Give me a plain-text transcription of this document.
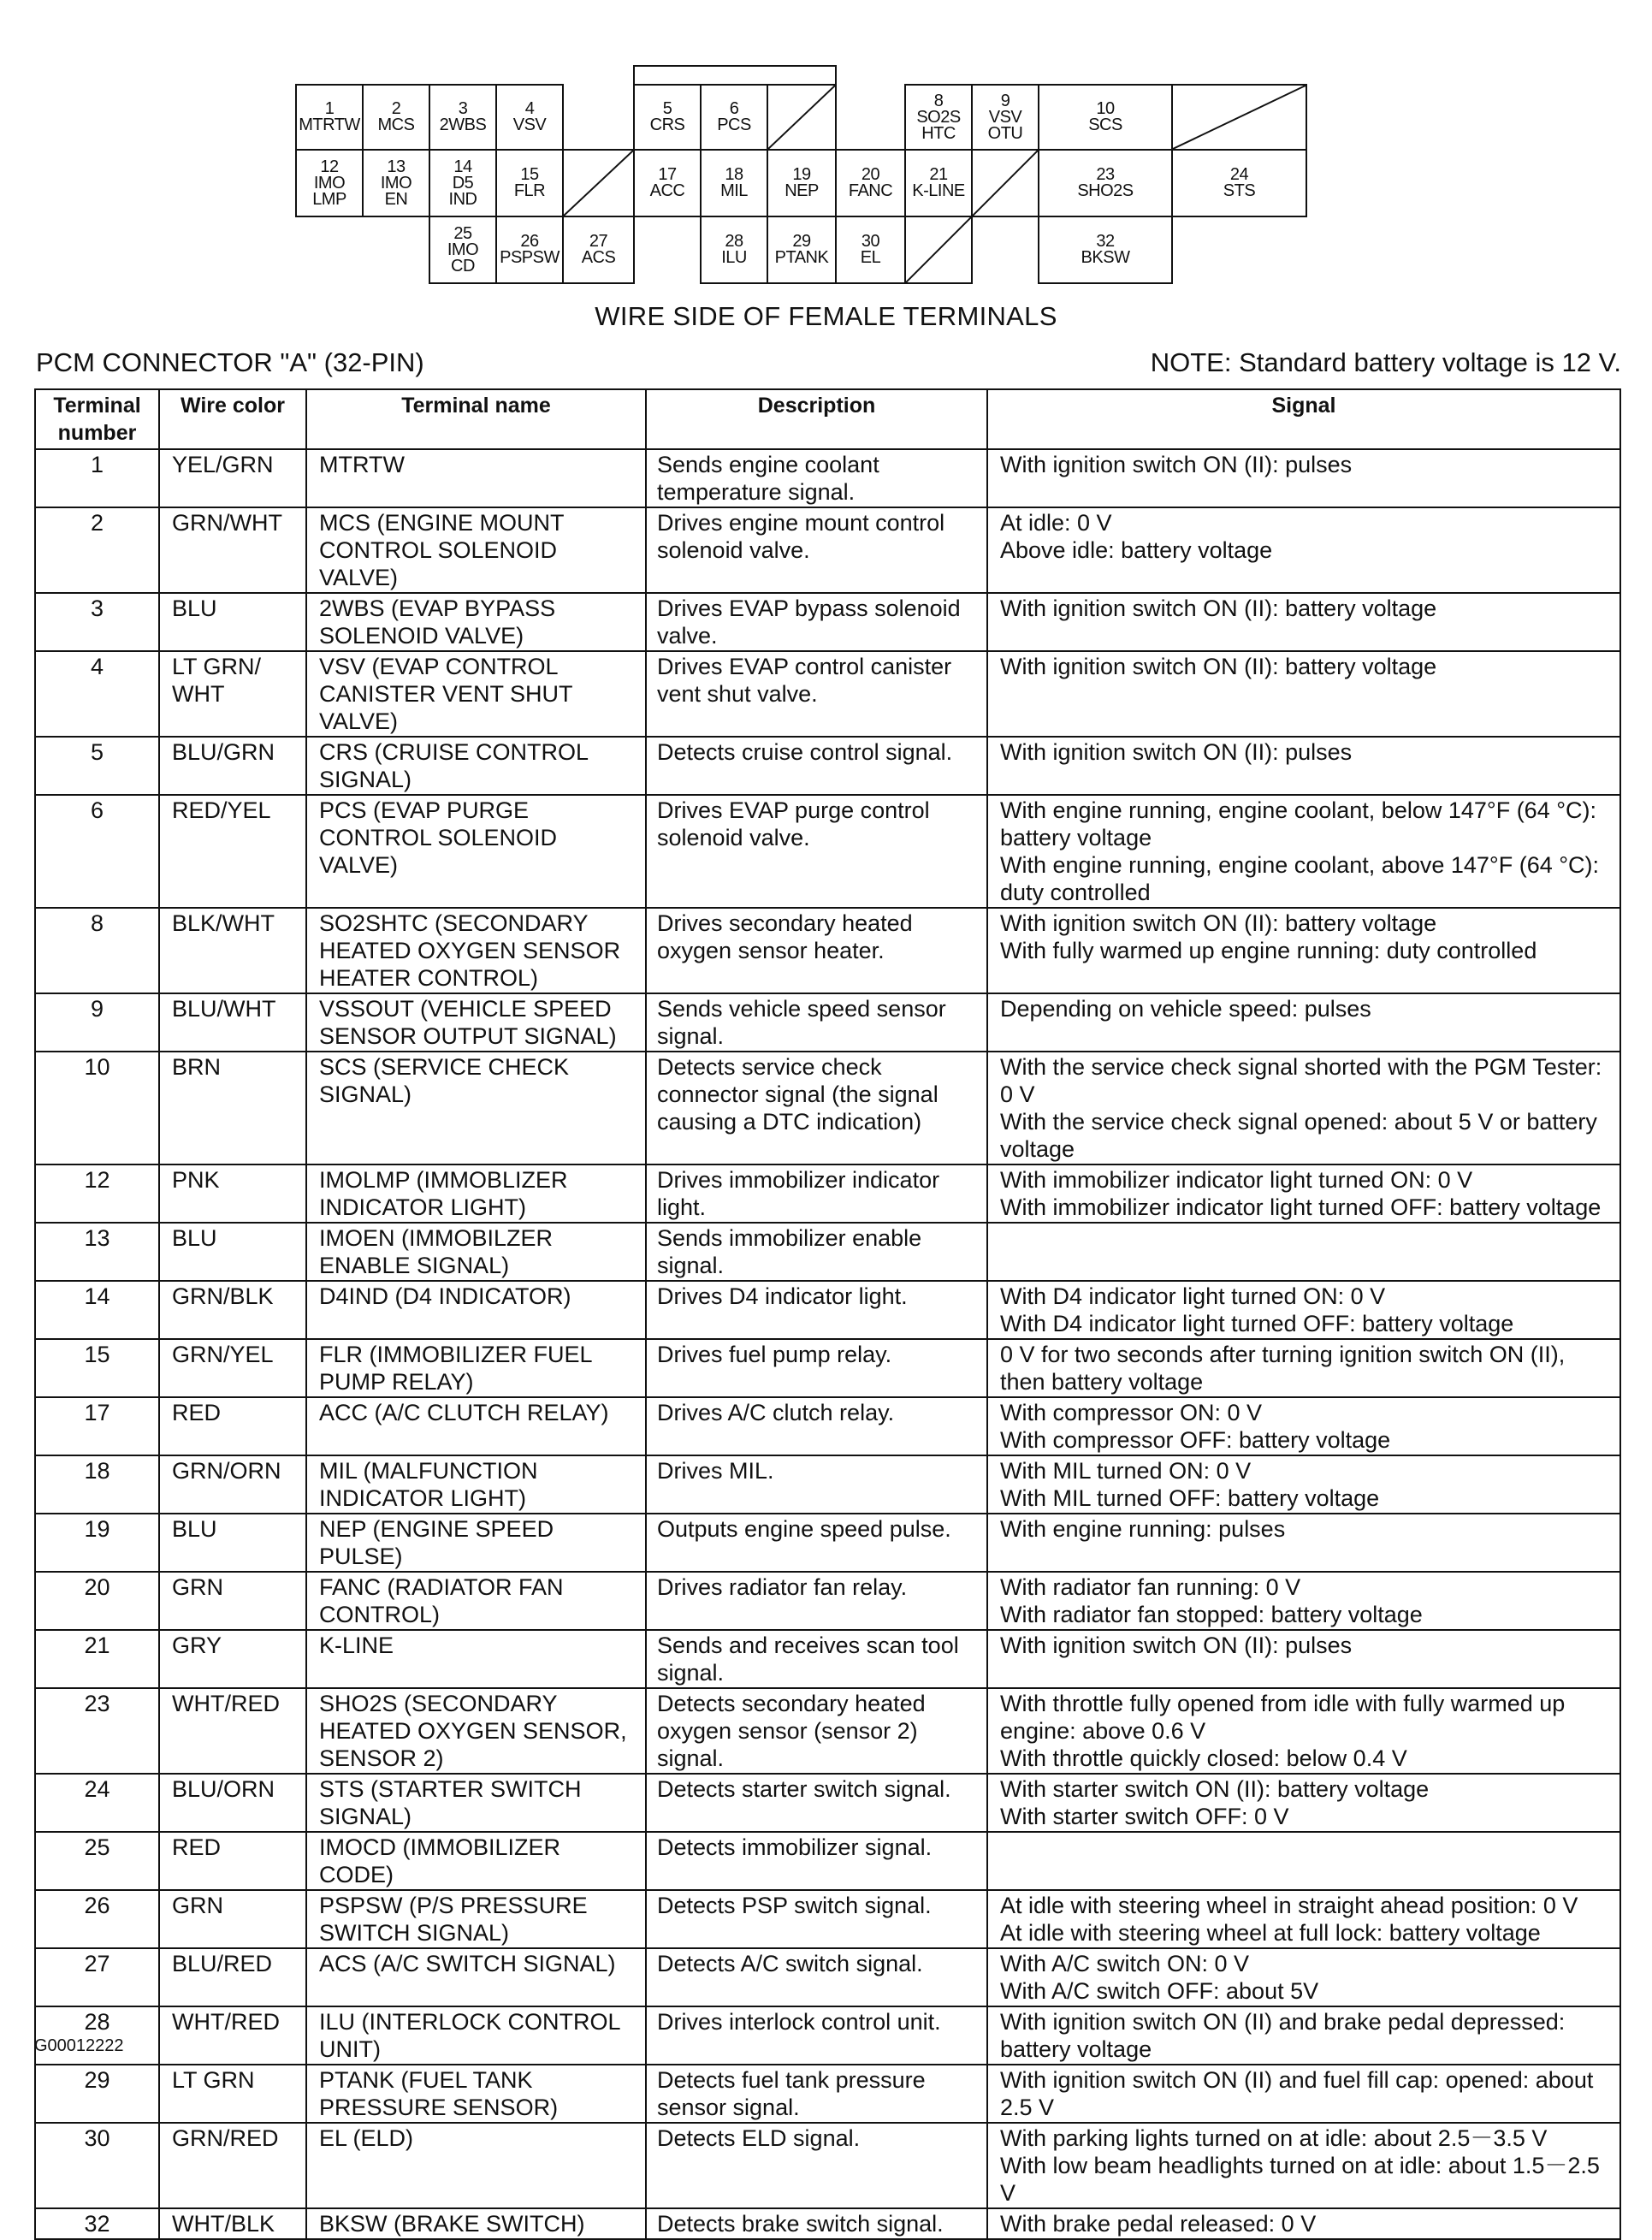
1
MTRTW
2
MCS
3
2WBS
4
VSV
5
CRS
6
PCS
8
SO2S
HTC
9
VSV
OTU
10
SCS
12
IMO
LMP
13
IMO
EN
14
D5
IND
15
FLR
17
ACC
18
MIL
19
NEP
20
FANC
21
K-LINE
23
SHO2S
24
STS
25
IMO
CD
26
PSPSW
27
ACS
28
ILU
29
PTANK
30
EL
32
BKSW
WIRE SIDE OF FEMALE TERMINALS
PCM CONNECTOR "A" (32-PIN)	NOTE: Standard battery voltage is 12 V.
Terminal number	Wire color	Terminal name	Description	Signal
1	YEL/GRN	MTRTW	Sends engine coolant temperature signal.	With ignition switch ON (II): pulses
2	GRN/WHT	MCS (ENGINE MOUNT CONTROL SOLENOID VALVE)	Drives engine mount control solenoid valve.	At idle: 0 V
Above idle: battery voltage
3	BLU	2WBS (EVAP BYPASS SOLENOID VALVE)	Drives EVAP bypass solenoid valve.	With ignition switch ON (II): battery voltage
4	LT GRN/ WHT	VSV (EVAP CONTROL CANISTER VENT SHUT VALVE)	Drives EVAP control canister vent shut valve.	With ignition switch ON (II): battery voltage
5	BLU/GRN	CRS (CRUISE CONTROL SIGNAL)	Detects cruise control signal.	With ignition switch ON (II): pulses
6	RED/YEL	PCS (EVAP PURGE CONTROL SOLENOID VALVE)	Drives EVAP purge control solenoid valve.	With engine running, engine coolant, below 147°F (64 °C): battery voltage
With engine running, engine coolant, above 147°F (64 °C): duty controlled
8	BLK/WHT	SO2SHTC (SECONDARY HEATED OXYGEN SENSOR HEATER CONTROL)	Drives secondary heated oxygen sensor heater.	With ignition switch ON (II): battery voltage
With fully warmed up engine running: duty controlled
9	BLU/WHT	VSSOUT (VEHICLE SPEED SENSOR OUTPUT SIGNAL)	Sends vehicle speed sensor signal.	Depending on vehicle speed: pulses
10	BRN	SCS (SERVICE CHECK SIGNAL)	Detects service check connector signal (the signal causing a DTC indication)	With the service check signal shorted with the PGM Tester: 0 V
With the service check signal opened: about 5 V or battery voltage
12	PNK	IMOLMP (IMMOBLIZER INDICATOR LIGHT)	Drives immobilizer indicator light.	With immobilizer indicator light turned ON: 0 V
With immobilizer indicator light turned OFF: battery voltage
13	BLU	IMOEN (IMMOBILZER ENABLE SIGNAL)	Sends immobilizer enable signal.	
14	GRN/BLK	D4IND (D4 INDICATOR)	Drives D4 indicator light.	With D4 indicator light turned ON: 0 V
With D4 indicator light turned OFF: battery voltage
15	GRN/YEL	FLR (IMMOBILIZER FUEL PUMP RELAY)	Drives fuel pump relay.	0 V for two seconds after turning ignition switch ON (II), then battery voltage
17	RED	ACC (A/C CLUTCH RELAY)	Drives A/C clutch relay.	With compressor ON: 0 V
With compressor OFF: battery voltage
18	GRN/ORN	MIL (MALFUNCTION INDICATOR LIGHT)	Drives MIL.	With MIL turned ON: 0 V
With MIL turned OFF: battery voltage
19	BLU	NEP (ENGINE SPEED PULSE)	Outputs engine speed pulse.	With engine running: pulses
20	GRN	FANC (RADIATOR FAN CONTROL)	Drives radiator fan relay.	With radiator fan running: 0 V
With radiator fan stopped: battery voltage
21	GRY	K-LINE	Sends and receives scan tool signal.	With ignition switch ON (II): pulses
23	WHT/RED	SHO2S (SECONDARY HEATED OXYGEN SENSOR, SENSOR 2)	Detects secondary heated oxygen sensor (sensor 2) signal.	With throttle fully opened from idle with fully warmed up engine: above 0.6 V
With throttle quickly closed: below 0.4 V
24	BLU/ORN	STS (STARTER SWITCH SIGNAL)	Detects starter switch signal.	With starter switch ON (II): battery voltage
With starter switch OFF: 0 V
25	RED	IMOCD (IMMOBILIZER CODE)	Detects immobilizer signal.	
26	GRN	PSPSW (P/S PRESSURE SWITCH SIGNAL)	Detects PSP switch signal.	At idle with steering wheel in straight ahead position: 0 V
At idle with steering wheel at full lock: battery voltage
27	BLU/RED	ACS (A/C SWITCH SIGNAL)	Detects A/C switch signal.	With A/C switch ON: 0 V
With A/C switch OFF: about 5V
28	WHT/RED	ILU (INTERLOCK CONTROL UNIT)	Drives interlock control unit.	With ignition switch ON (II) and brake pedal depressed: battery voltage
29	LT GRN	PTANK (FUEL TANK PRESSURE SENSOR)	Detects fuel tank pressure sensor signal.	With ignition switch ON (II) and fuel fill cap: opened: about 2.5 V
30	GRN/RED	EL (ELD)	Detects ELD signal.	With parking lights turned on at idle: about 2.5－3.5 V
With low beam headlights turned on at idle: about 1.5－2.5 V
32	WHT/BLK	BKSW (BRAKE SWITCH)	Detects brake switch signal.	With brake pedal released: 0 V
G00012222
